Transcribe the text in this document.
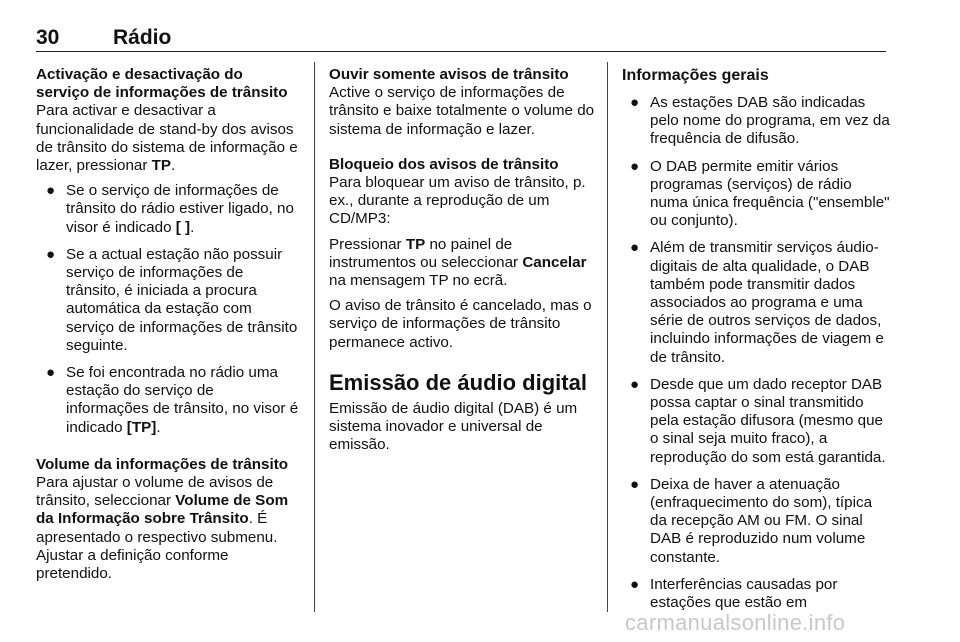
30	Rádio
Activação e desactivação do serviço de informações de trânsito

Para activar e desactivar a funcionalidade de stand-by dos avisos de trânsito do sistema de informação e lazer, pressionar TP.

● Se o serviço de informações de trânsito do rádio estiver ligado, no visor é indicado [ ].
● Se a actual estação não possuir serviço de informações de trânsito, é iniciada a procura automática da estação com serviço de informações de trânsito seguinte.
● Se foi encontrada no rádio uma estação do serviço de informações de trânsito, no visor é indicado [TP].
Volume da informações de trânsito

Para ajustar o volume de avisos de trânsito, seleccionar Volume de Som da Informação sobre Trânsito. É apresentado o respectivo submenu. Ajustar a definição conforme pretendido.

Ouvir somente avisos de trânsito

Active o serviço de informações de trânsito e baixe totalmente o volume do sistema de informação e lazer.

Bloqueio dos avisos de trânsito

Para bloquear um aviso de trânsito, p. ex., durante a reprodução de um CD/MP3:

Pressionar TP no painel de instrumentos ou seleccionar Cancelar na mensagem TP no ecrã.

O aviso de trânsito é cancelado, mas o serviço de informações de trânsito permanece activo.

Emissão de áudio digital

Emissão de áudio digital (DAB) é um sistema inovador e universal de emissão.

Informações gerais
● As estações DAB são indicadas pelo nome do programa, em vez da frequência de difusão.
● O DAB permite emitir vários programas (serviços) de rádio numa única frequência ("ensemble" ou conjunto).
● Além de transmitir serviços áudio-digitais de alta qualidade, o DAB também pode transmitir dados associados ao programa e uma série de outros serviços de dados, incluindo informações de viagem e de trânsito.
● Desde que um dado receptor DAB possa captar o sinal transmitido pela estação difusora (mesmo que o sinal seja muito fraco), a reprodução do som está garantida.
● Deixa de haver a atenuação (enfraquecimento do som), típica da recepção AM ou FM. O sinal DAB é reproduzido num volume constante.
● Interferências causadas por estações que estão em
carmanualsonline.info
